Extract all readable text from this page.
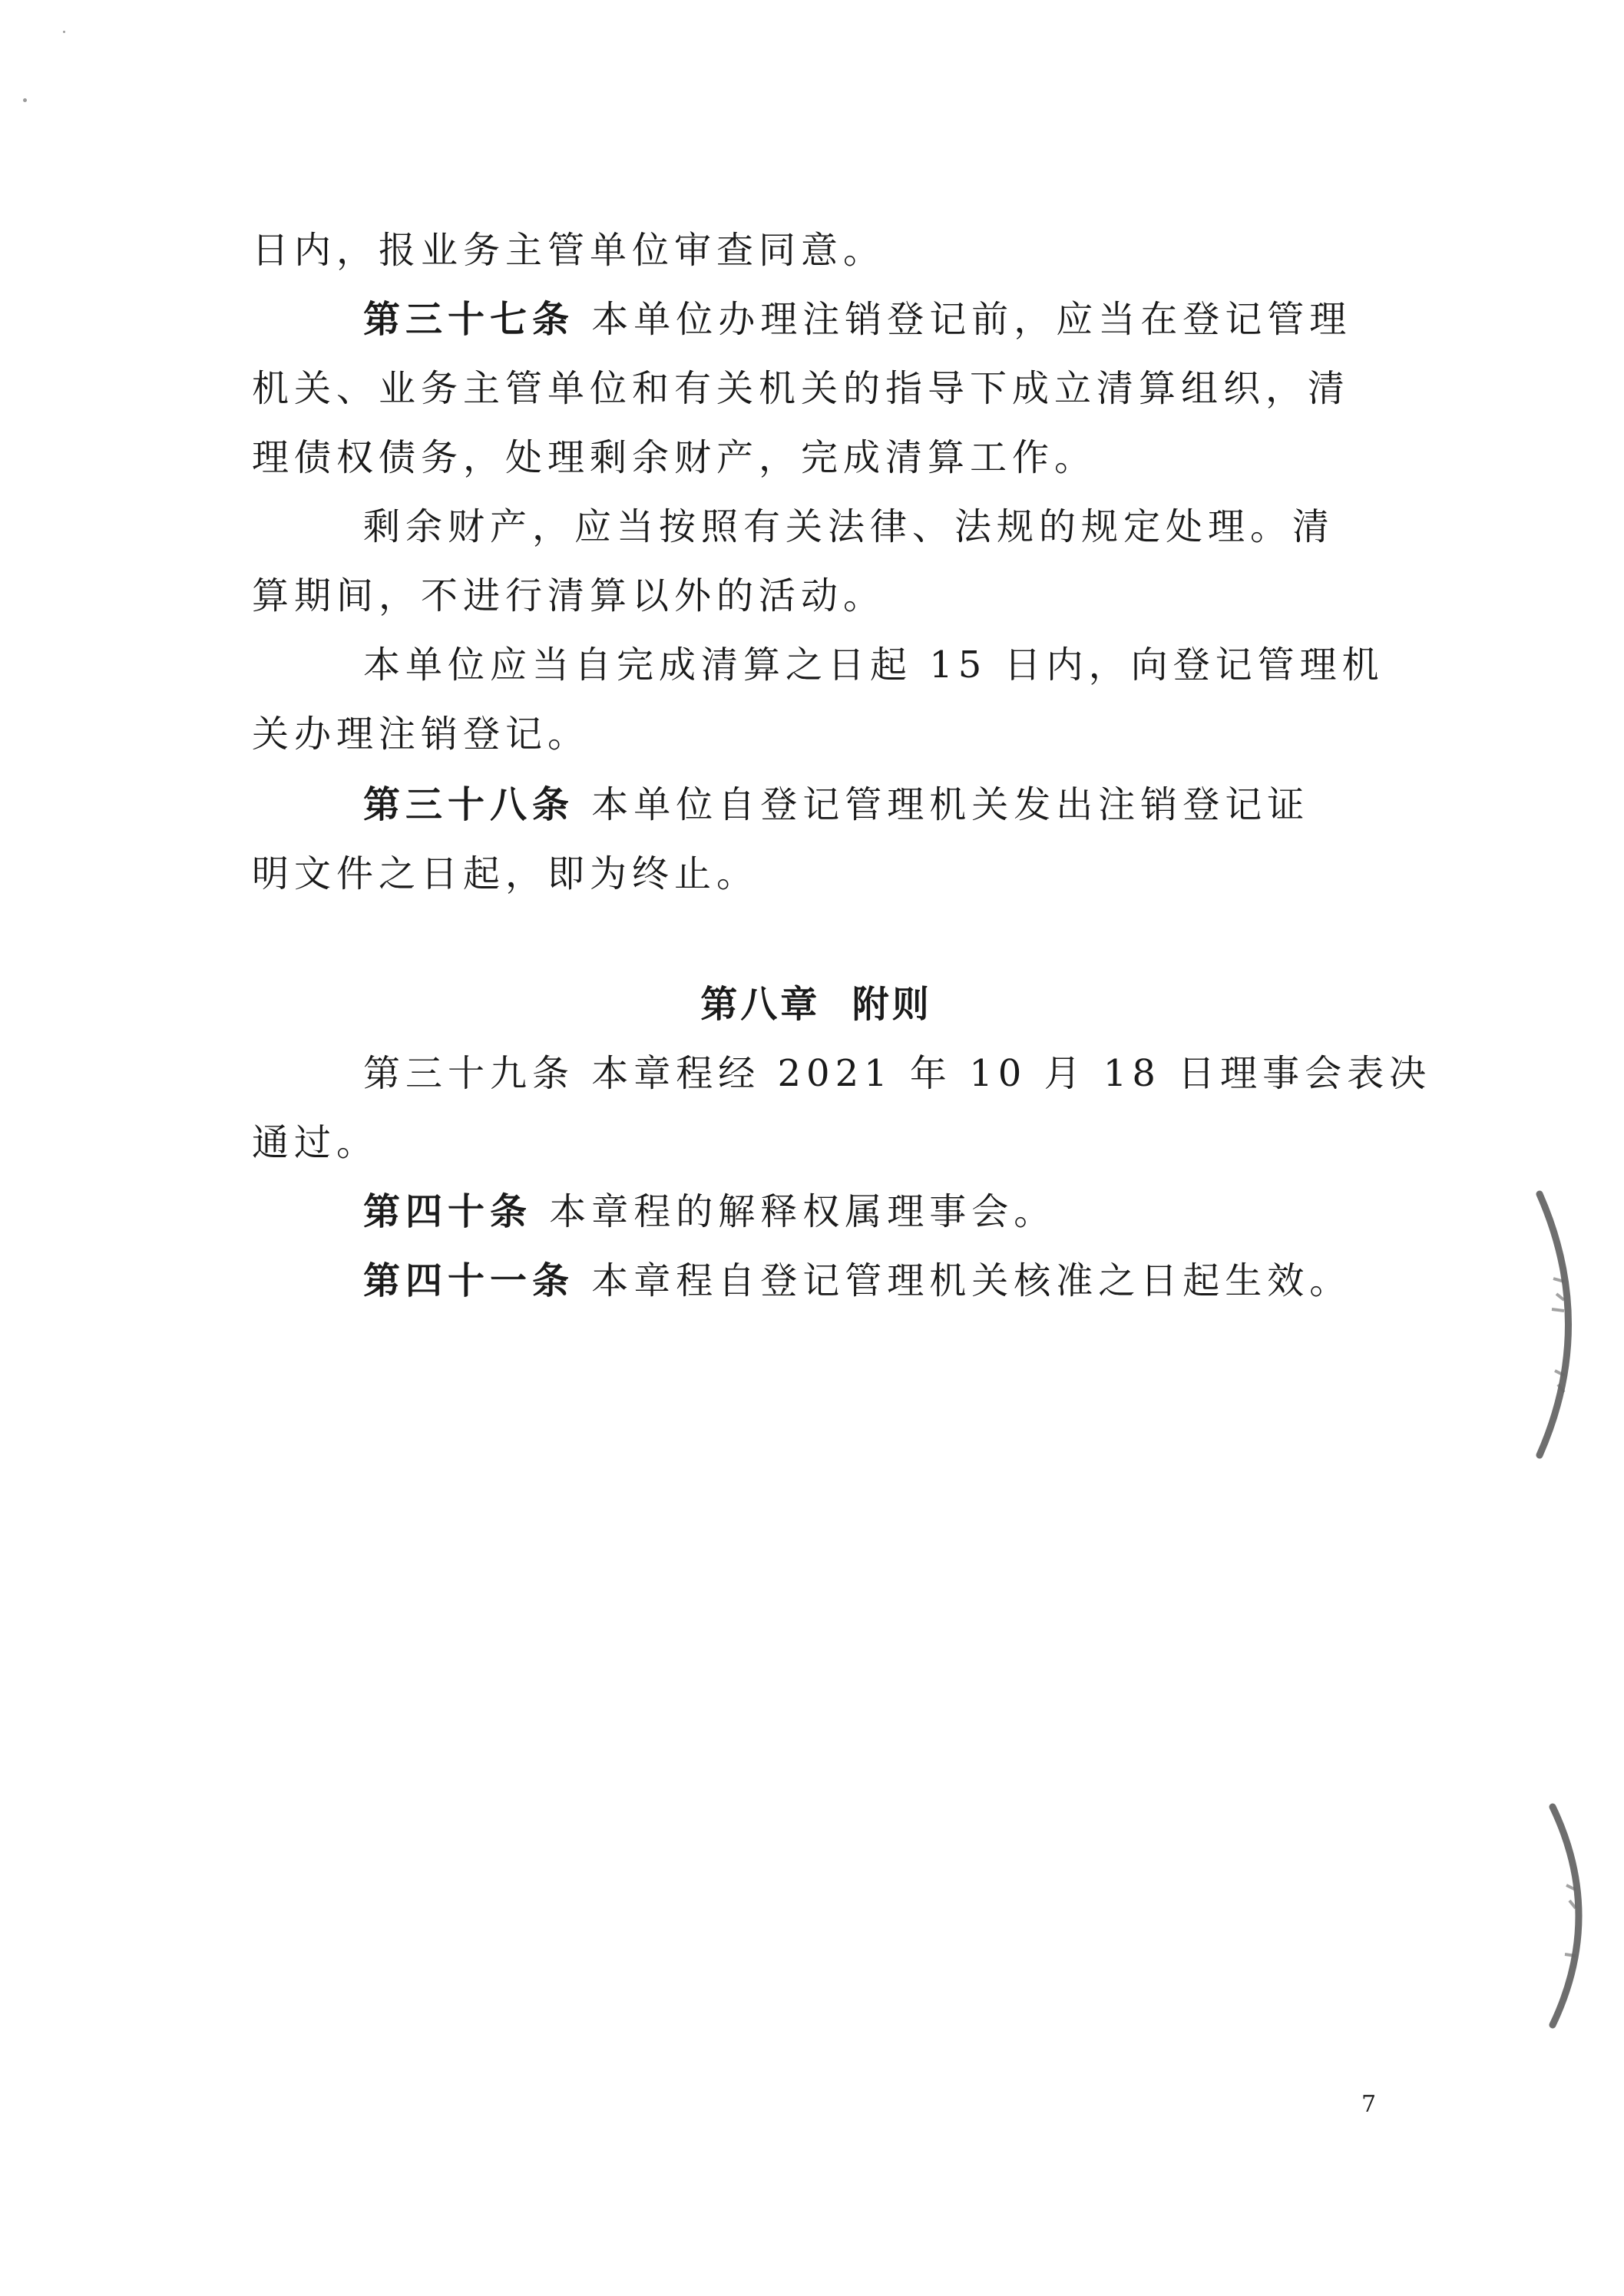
日内，报业务主管单位审查同意。
第三十七条 本单位办理注销登记前，应当在登记管理
机关、业务主管单位和有关机关的指导下成立清算组织，清
理债权债务，处理剩余财产，完成清算工作。
剩余财产，应当按照有关法律、法规的规定处理。清
算期间，不进行清算以外的活动。
本单位应当自完成清算之日起 15 日内，向登记管理机
关办理注销登记。
第三十八条 本单位自登记管理机关发出注销登记证
明文件之日起，即为终止。
第八章  附则
第三十九条 本章程经 2021 年 10 月 18 日理事会表决
通过。
第四十条 本章程的解释权属理事会。
第四十一条 本章程自登记管理机关核准之日起生效。
7
